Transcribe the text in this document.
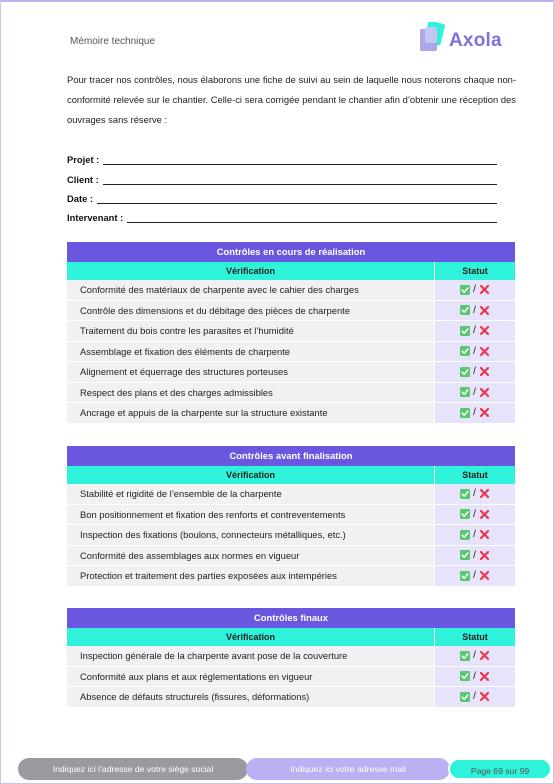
Mémoire technique	Axola

Pour tracer nos contrôles, nous élaborons une fiche de suivi au sein de laquelle nous noterons chaque non-conformité relevée sur le chantier. Celle-ci sera corrigée pendant le chantier afin d’obtenir une réception des ouvrages sans réserve :

Projet :
Client :
Date :
Intervenant :
Contrôles en cours de réalisation
Vérification	Statut
Conformité des matériaux de charpente avec le cahier des charges	/
Contrôle des dimensions et du débitage des pièces de charpente	/
Traitement du bois contre les parasites et l’humidité	/
Assemblage et fixation des éléments de charpente	/
Alignement et équerrage des structures porteuses	/
Respect des plans et des charges admissibles	/
Ancrage et appuis de la charpente sur la structure existante	/
Contrôles avant finalisation
Vérification	Statut
Stabilité et rigidité de l’ensemble de la charpente	/
Bon positionnement et fixation des renforts et contreventements	/
Inspection des fixations (boulons, connecteurs métalliques, etc.)	/
Conformité des assemblages aux normes en vigueur	/
Protection et traitement des parties exposées aux intempéries	/
Contrôles finaux
Vérification	Statut
Inspection générale de la charpente avant pose de la couverture	/
Conformité aux plans et aux réglementations en vigueur	/
Absence de défauts structurels (fissures, déformations)	/
Indiquez ici l’adresse de votre siège social	Indiquez ici votre adresse mail	Page 69 sur 99
